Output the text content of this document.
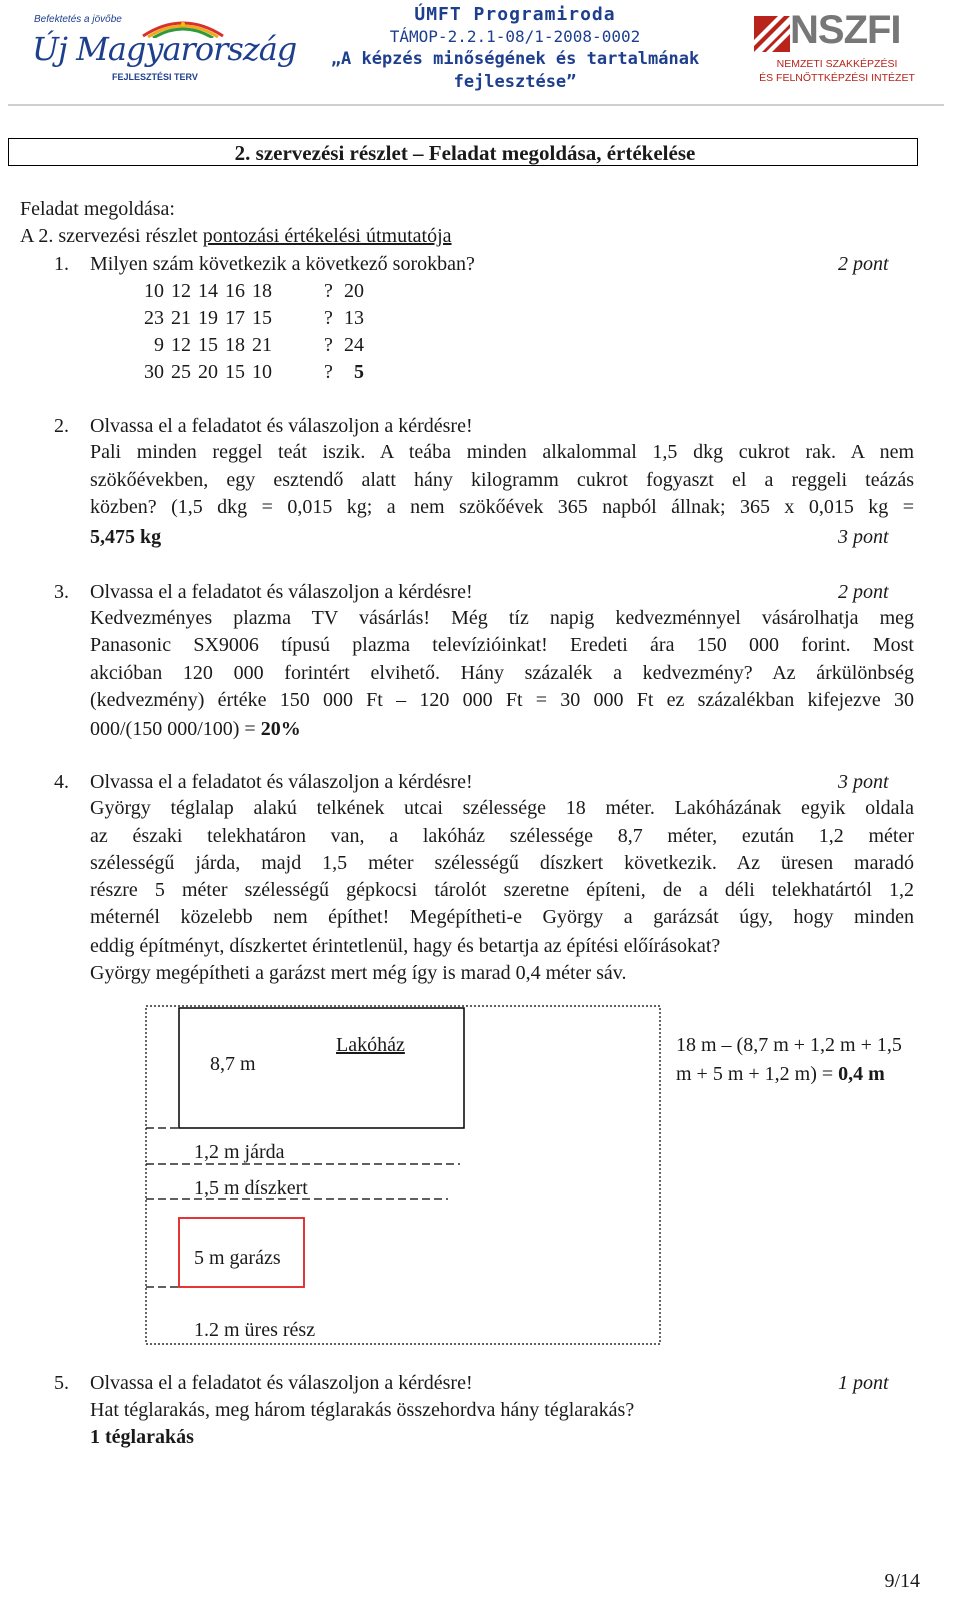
Befektetés a jövőbe
Új Magyarország
FEJLESZTÉSI TERV
ÚMFT Programiroda
TÁMOP-2.2.1-08/1-2008-0002
„A képzés minőségének és tartalmának
fejlesztése”
NSZFI
NEMZETI SZAKKÉPZÉSI
ÉS FELNŐTTKÉPZÉSI INTÉZET
2. szervezési részlet – Feladat megoldása, értékelése
Feladat megoldása:
A 2. szervezési részlet pontozási értékelési útmutatója
1. Milyen szám következik a következő sorokban?	2 pont
10 12 14 16 18	? 20
23 21 19 17 15	? 13
9 12 15 18 21	? 24
30 25 20 15 10	? 5
2. Olvassa el a feladatot és válaszoljon a kérdésre!
Pali minden reggel teát iszik. A teába minden alkalommal 1,5 dkg cukrot rak. A nem
szökőévekben, egy esztendő alatt hány kilogramm cukrot fogyaszt el a reggeli teázás
közben? (1,5 dkg = 0,015 kg; a nem szökőévek 365 napból állnak; 365 x 0,015 kg =
5,475 kg	3 pont
3. Olvassa el a feladatot és válaszoljon a kérdésre!	2 pont
Kedvezményes plazma TV vásárlás! Még tíz napig kedvezménnyel vásárolhatja meg
Panasonic SX9006 típusú plazma televízióinkat! Eredeti ára 150 000 forint. Most
akcióban 120 000 forintért elvihető. Hány százalék a kedvezmény? Az árkülönbség
(kedvezmény) értéke 150 000 Ft – 120 000 Ft = 30 000 Ft ez százalékban kifejezve 30
000/(150 000/100) = 20%
4. Olvassa el a feladatot és válaszoljon a kérdésre!	3 pont
György téglalap alakú telkének utcai szélessége 18 méter. Lakóházának egyik oldala
az északi telekhatáron van, a lakóház szélessége 8,7 méter, ezután 1,2 méter
szélességű járda, majd 1,5 méter szélességű díszkert következik. Az üresen maradó
részre 5 méter szélességű gépkocsi tárolót szeretne építeni, de a déli telekhatártól 1,2
méternél közelebb nem építhet! Megépítheti-e György a garázsát úgy, hogy minden
eddig építményt, díszkertet érintetlenül, hagy és betartja az építési előírásokat?
György megépítheti a garázst mert még így is marad 0,4 méter sáv.
8,7 m
Lakóház
1,2 m járda
1,5 m díszkert
5 m garázs
1.2 m üres rész
18 m – (8,7 m + 1,2 m + 1,5
m + 5 m + 1,2 m) = 0,4 m
5. Olvassa el a feladatot és válaszoljon a kérdésre!	1 pont
Hat téglarakás, meg három téglarakás összehordva hány téglarakás?
1 téglarakás
9/14
